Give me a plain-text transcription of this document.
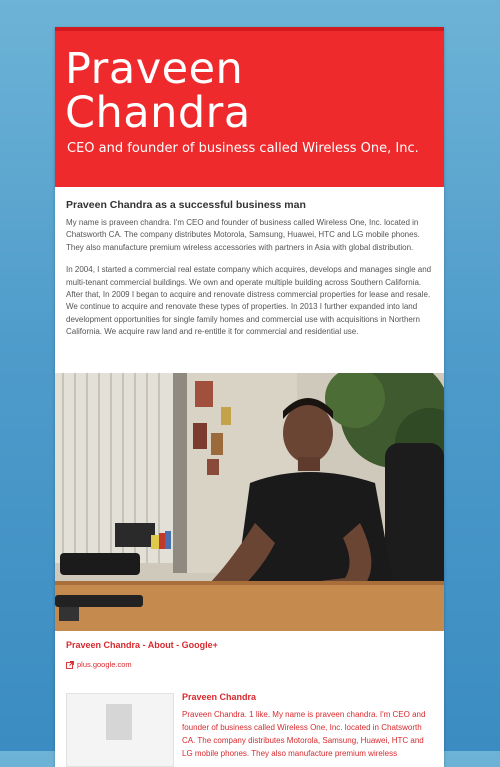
Praveen
Chandra
CEO and founder of business called Wireless One, Inc.
Praveen Chandra as a successful business man

My name is praveen chandra. I'm CEO and founder of business called Wireless One, Inc. located in Chatsworth CA. The company distributes Motorola, Samsung, Huawei, HTC and LG mobile phones. They also manufacture premium wireless accessories with partners in Asia with global distribution.

In 2004, I started a commercial real estate company which acquires, develops and manages single and multi-tenant commercial buildings. We own and operate multiple building across Southern California. After that, In 2009 I began to acquire and renovate distress commercial properties for lease and resale. We continue to acquire and renovate these types of properties. In 2013 I further expanded into land development opportunities for single family homes and commercial use with acquisitions in Northern California. We acquire raw land and re-entitle it for commercial and residential use.

Praveen Chandra - About - Google+
plus.google.com
Praveen Chandra
Praveen Chandra. 1 like. My name is praveen chandra. I'm CEO and founder of business called Wireless One, Inc. located in Chatsworth CA. The company distributes Motorola, Samsung, Huawei, HTC and LG mobile phones. They also manufacture premium wireless
